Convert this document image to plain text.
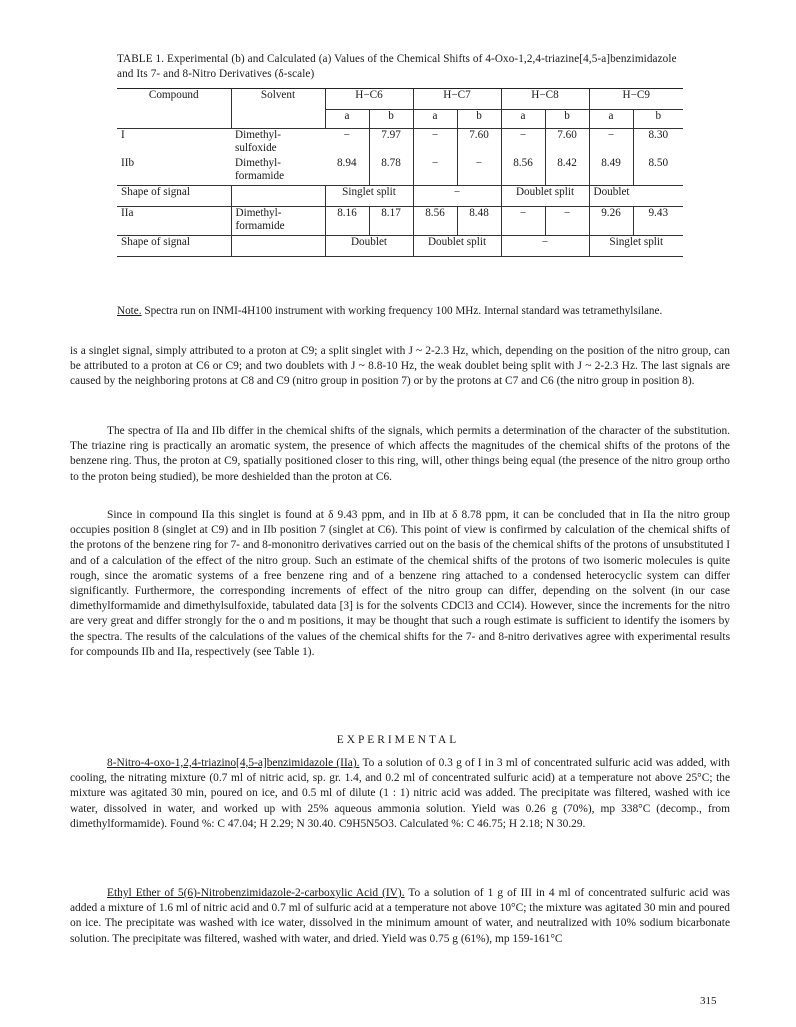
TABLE 1. Experimental (b) and Calculated (a) Values of the Chemical Shifts of 4-Oxo-1,2,4-triazine[4,5-a]benzimidazole and Its 7- and 8-Nitro Derivatives (δ-scale)
Compound	Solvent	H−C6		H−C7		H−C8		H−C9	
		a	b	a	b	a	b	a	b
I	Dimethyl-sulfoxide	−	7.97	−	7.60	−	7.60	−	8.30
IIb	Dimethyl-formamide	8.94	8.78	−	−	8.56	8.42	8.49	8.50
Shape of signal		Singlet split		−		Doublet split		Doublet	
IIa	Dimethyl-formamide	8.16	8.17	8.56	8.48	−	−	9.26	9.43
Shape of signal		Doublet		Doublet split		−		Singlet split	
Note. Spectra run on INMI-4H100 instrument with working frequency 100 MHz. Internal standard was tetramethylsilane.

is a singlet signal, simply attributed to a proton at C9; a split singlet with J ~ 2-2.3 Hz, which, depending on the position of the nitro group, can be attributed to a proton at C6 or C9; and two doublets with J ~ 8.8-10 Hz, the weak doublet being split with J ~ 2-2.3 Hz. The last signals are caused by the neighboring protons at C8 and C9 (nitro group in position 7) or by the protons at C7 and C6 (the nitro group in position 8).

The spectra of IIa and IIb differ in the chemical shifts of the signals, which permits a determination of the character of the substitution. The triazine ring is practically an aromatic system, the presence of which affects the magnitudes of the chemical shifts of the protons of the benzene ring. Thus, the proton at C9, spatially positioned closer to this ring, will, other things being equal (the presence of the nitro group ortho to the proton being studied), be more deshielded than the proton at C6.

Since in compound IIa this singlet is found at δ 9.43 ppm, and in IIb at δ 8.78 ppm, it can be concluded that in IIa the nitro group occupies position 8 (singlet at C9) and in IIb position 7 (singlet at C6). This point of view is confirmed by calculation of the chemical shifts of the protons of the benzene ring for 7- and 8-mononitro derivatives carried out on the basis of the chemical shifts of the protons of unsubstituted I and of a calculation of the effect of the nitro group. Such an estimate of the chemical shifts of the protons of two isomeric molecules is quite rough, since the aromatic systems of a free benzene ring and of a benzene ring attached to a condensed heterocyclic system can differ significantly. Furthermore, the corresponding increments of effect of the nitro group can differ, depending on the solvent (in our case dimethylformamide and dimethylsulfoxide, tabulated data [3] is for the solvents CDCl3 and CCl4). However, since the increments for the nitro are very great and differ strongly for the o and m positions, it may be thought that such a rough estimate is sufficient to identify the isomers by the spectra. The results of the calculations of the values of the chemical shifts for the 7- and 8-nitro derivatives agree with experimental results for compounds IIb and IIa, respectively (see Table 1).

EXPERIMENTAL

8-Nitro-4-oxo-1,2,4-triazino[4,5-a]benzimidazole (IIa). To a solution of 0.3 g of I in 3 ml of concentrated sulfuric acid was added, with cooling, the nitrating mixture (0.7 ml of nitric acid, sp. gr. 1.4, and 0.2 ml of concentrated sulfuric acid) at a temperature not above 25°C; the mixture was agitated 30 min, poured on ice, and 0.5 ml of dilute (1 : 1) nitric acid was added. The precipitate was filtered, washed with ice water, dissolved in water, and worked up with 25% aqueous ammonia solution. Yield was 0.26 g (70%), mp 338°C (decomp., from dimethylformamide). Found %: C 47.04; H 2.29; N 30.40. C9H5N5O3. Calculated %: C 46.75; H 2.18; N 30.29.

Ethyl Ether of 5(6)-Nitrobenzimidazole-2-carboxylic Acid (IV). To a solution of 1 g of III in 4 ml of concentrated sulfuric acid was added a mixture of 1.6 ml of nitric acid and 0.7 ml of sulfuric acid at a temperature not above 10°C; the mixture was agitated 30 min and poured on ice. The precipitate was washed with ice water, dissolved in the minimum amount of water, and neutralized with 10% sodium bicarbonate solution. The precipitate was filtered, washed with water, and dried. Yield was 0.75 g (61%), mp 159-161°C

315
